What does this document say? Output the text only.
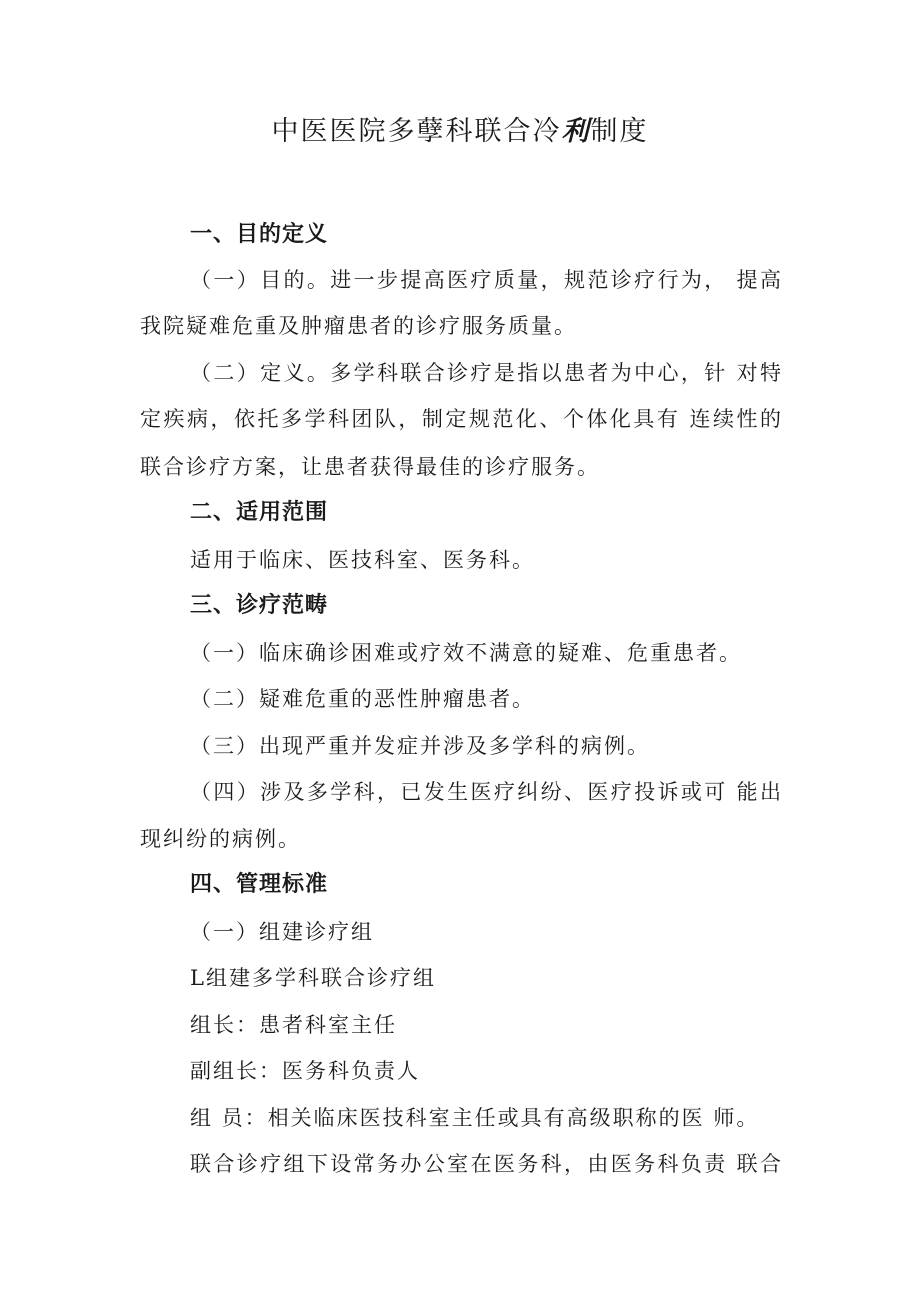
中医医院多孽科联合冷利制度
一、目的定义
（一）目的。进一步提高医疗质量，规范诊疗行为， 提高
我院疑难危重及肿瘤患者的诊疗服务质量。
（二）定义。多学科联合诊疗是指以患者为中心，针 对特
定疾病，依托多学科团队，制定规范化、个体化具有 连续性的
联合诊疗方案，让患者获得最佳的诊疗服务。
二、适用范围
适用于临床、医技科室、医务科。
三、诊疗范畴
（一）临床确诊困难或疗效不满意的疑难、危重患者。
（二）疑难危重的恶性肿瘤患者。
（三）出现严重并发症并涉及多学科的病例。
（四）涉及多学科，已发生医疗纠纷、医疗投诉或可 能出
现纠纷的病例。
四、管理标准
（一）组建诊疗组
L组建多学科联合诊疗组
组长：患者科室主任
副组长：医务科负责人
组 员：相关临床医技科室主任或具有高级职称的医 师。
联合诊疗组下设常务办公室在医务科，由医务科负责 联合
